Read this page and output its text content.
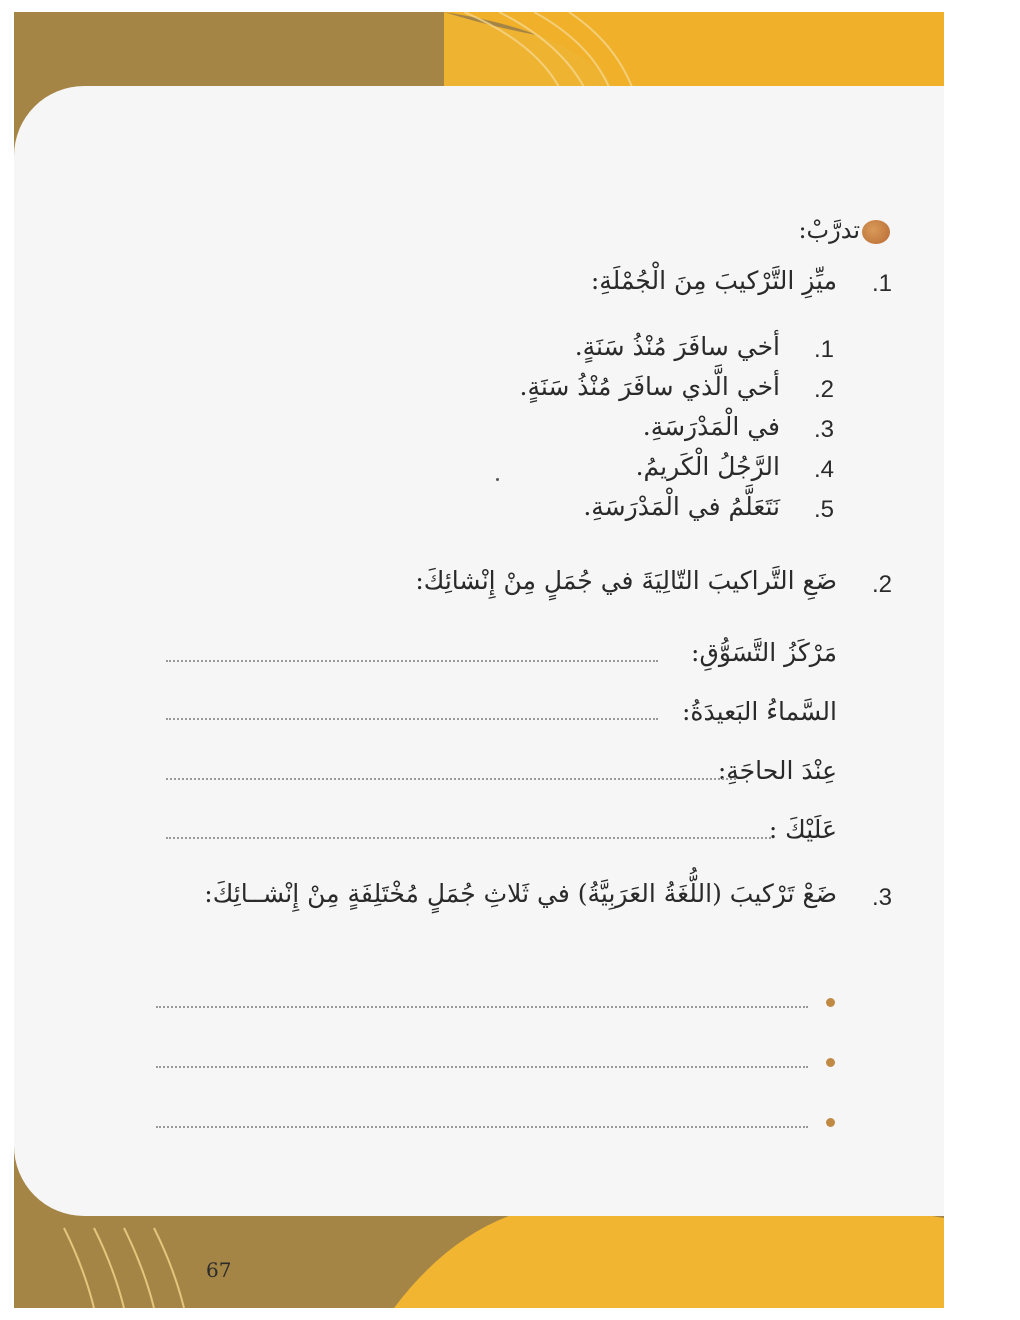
تدرَّبْ:
.1
ميِّزِ التَّرْكيبَ مِنَ الْجُمْلَةِ:
.1
أخي سافَرَ مُنْذُ سَنَةٍ.
.2
أخي الَّذي سافَرَ مُنْذُ سَنَةٍ.
.3
في الْمَدْرَسَةِ.
.4
الرَّجُلُ الْكَريمُ.
.5
نَتَعَلَّمُ في الْمَدْرَسَةِ.
.2
ضَعِ التَّراكيبَ التّالِيَةَ في جُمَلٍ مِنْ إِنْشائِكَ:
مَرْكَزُ التَّسَوُّقِ:
السَّماءُ البَعيدَةُ:
عِنْدَ الحاجَةِ:
عَلَيْكَ :
.3
ضَعْ تَرْكيبَ (اللُّغَةُ العَرَبِيَّةُ) في ثَلاثِ جُمَلٍ مُخْتَلِفَةٍ مِنْ إِنْشــائِكَ:
67
